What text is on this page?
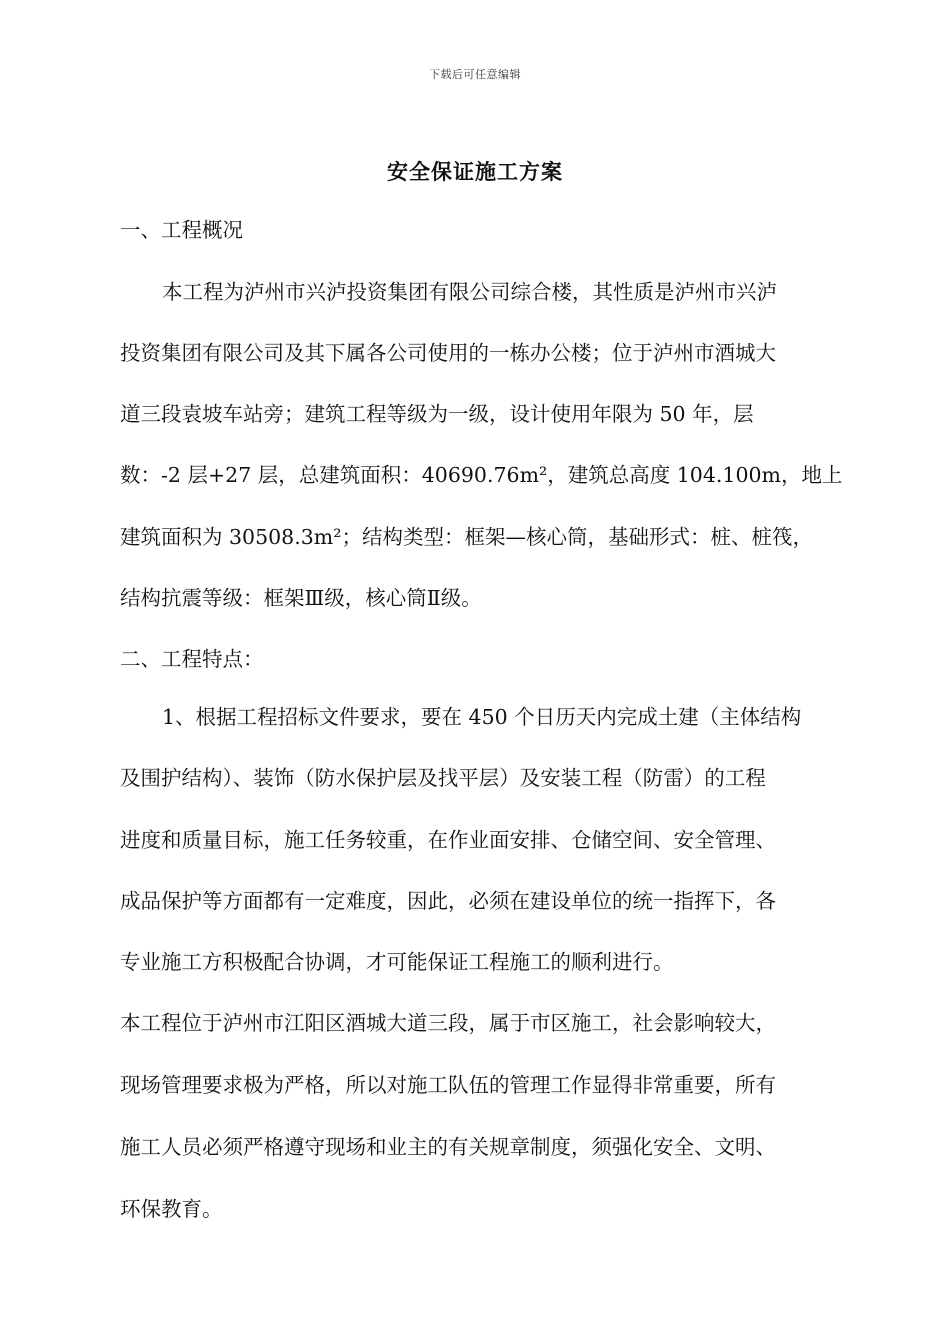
下载后可任意编辑
安全保证施工方案
一、工程概况
本工程为泸州市兴泸投资集团有限公司综合楼，其性质是泸州市兴泸
投资集团有限公司及其下属各公司使用的一栋办公楼；位于泸州市酒城大
道三段袁坡车站旁；建筑工程等级为一级，设计使用年限为 50 年，层
数：-2 层+27 层，总建筑面积：40690.76m²，建筑总高度 104.100m，地上
建筑面积为 30508.3m²；结构类型：框架—核心筒，基础形式：桩、桩筏，
结构抗震等级：框架Ⅲ级，核心筒Ⅱ级。
二、工程特点：
1、根据工程招标文件要求，要在 450 个日历天内完成土建（主体结构
及围护结构）、装饰（防水保护层及找平层）及安装工程（防雷）的工程
进度和质量目标，施工任务较重，在作业面安排、仓储空间、安全管理、
成品保护等方面都有一定难度，因此，必须在建设单位的统一指挥下，各
专业施工方积极配合协调，才可能保证工程施工的顺利进行。
本工程位于泸州市江阳区酒城大道三段，属于市区施工，社会影响较大，
现场管理要求极为严格，所以对施工队伍的管理工作显得非常重要，所有
施工人员必须严格遵守现场和业主的有关规章制度，须强化安全、文明、
环保教育。
